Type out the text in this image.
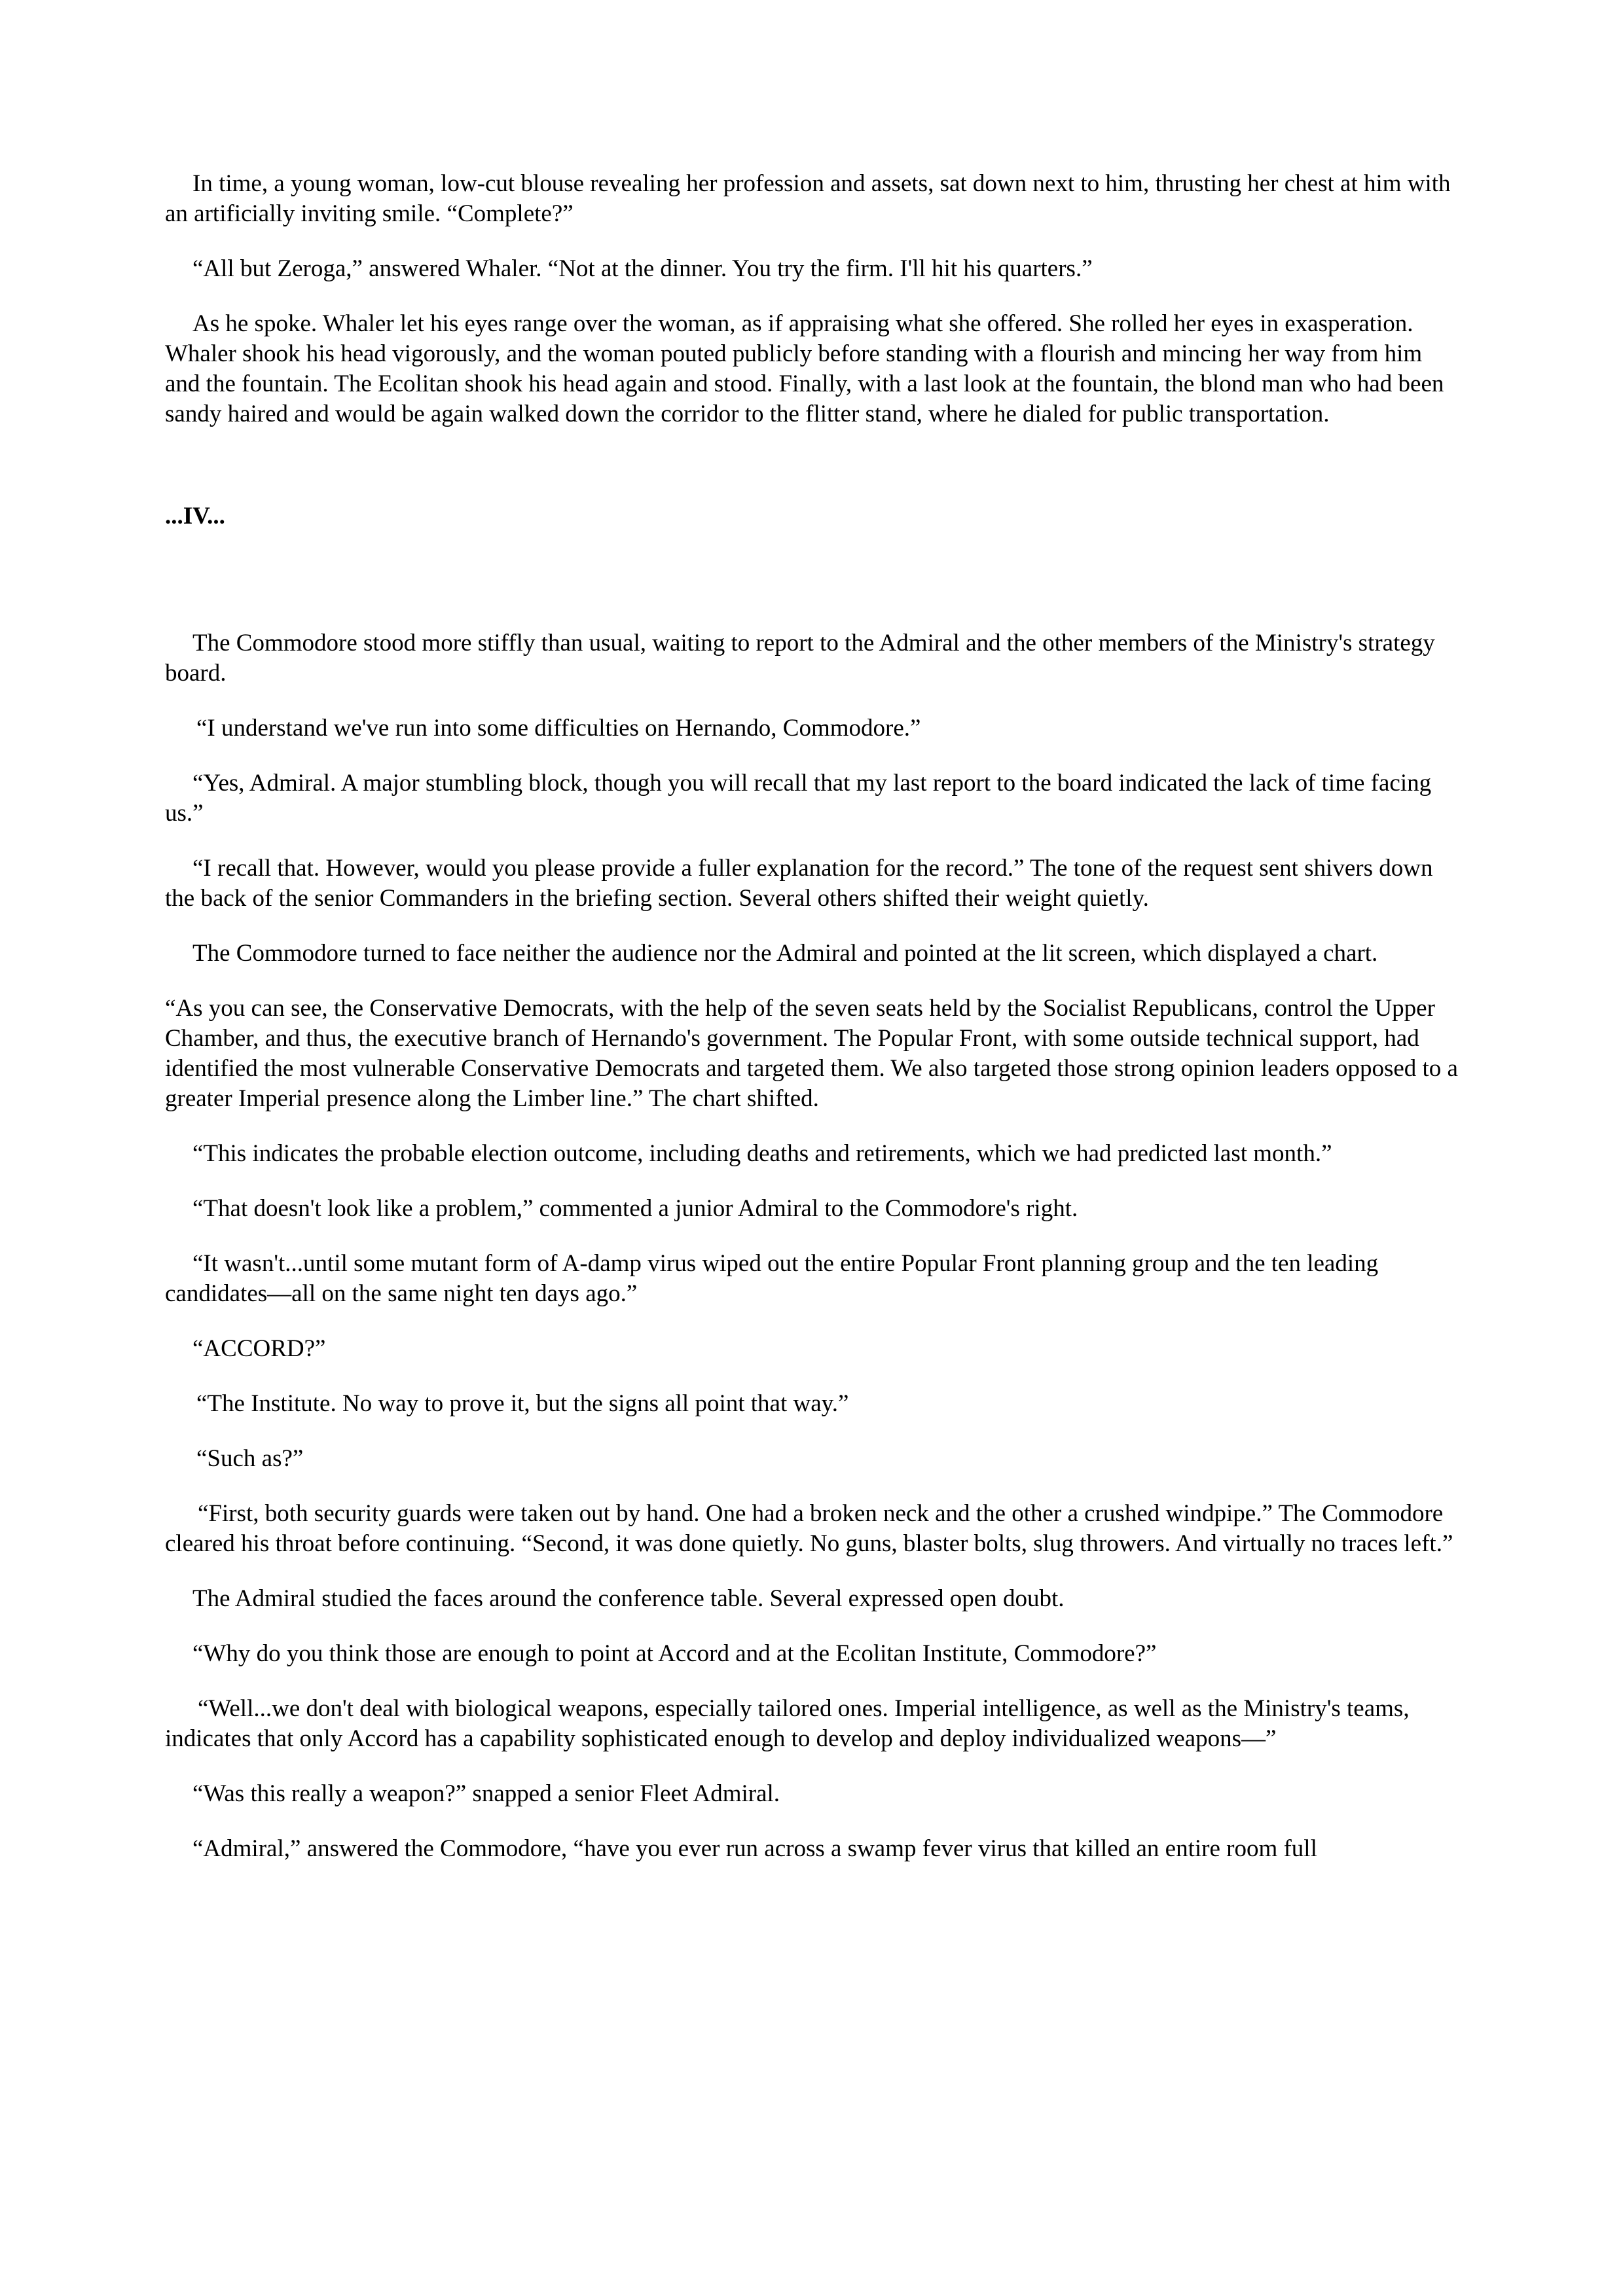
In time, a young woman, low-cut blouse revealing her profession and assets, sat down next to him, thrusting her chest at him with an artificially inviting smile. “Complete?”

“All but Zeroga,” answered Whaler. “Not at the dinner. You try the firm. I'll hit his quarters.”

As he spoke. Whaler let his eyes range over the woman, as if appraising what she offered. She rolled her eyes in exasperation. Whaler shook his head vigorously, and the woman pouted publicly before standing with a flourish and mincing her way from him and the fountain. The Ecolitan shook his head again and stood. Finally, with a last look at the fountain, the blond man who had been sandy haired and would be again walked down the corridor to the flitter stand, where he dialed for public transportation.

...IV...

The Commodore stood more stiffly than usual, waiting to report to the Admiral and the other members of the Ministry's strategy board.

“I understand we've run into some difficulties on Hernando, Commodore.”

“Yes, Admiral. A major stumbling block, though you will recall that my last report to the board indicated the lack of time facing us.”

“I recall that. However, would you please provide a fuller explanation for the record.” The tone of the request sent shivers down the back of the senior Commanders in the briefing section. Several others shifted their weight quietly.

The Commodore turned to face neither the audience nor the Admiral and pointed at the lit screen, which displayed a chart.

“As you can see, the Conservative Democrats, with the help of the seven seats held by the Socialist Republicans, control the Upper Chamber, and thus, the executive branch of Hernando's government. The Popular Front, with some outside technical support, had identified the most vulnerable Conservative Democrats and targeted them. We also targeted those strong opinion leaders opposed to a greater Imperial presence along the Limber line.” The chart shifted.

“This indicates the probable election outcome, including deaths and retirements, which we had predicted last month.”

“That doesn't look like a problem,” commented a junior Admiral to the Commodore's right.

“It wasn't...until some mutant form of A-damp virus wiped out the entire Popular Front planning group and the ten leading candidates—all on the same night ten days ago.”

“ACCORD?”

“The Institute. No way to prove it, but the signs all point that way.”

“Such as?”

“First, both security guards were taken out by hand. One had a broken neck and the other a crushed windpipe.” The Commodore cleared his throat before continuing. “Second, it was done quietly. No guns, blaster bolts, slug throwers. And virtually no traces left.”

The Admiral studied the faces around the conference table. Several expressed open doubt.

“Why do you think those are enough to point at Accord and at the Ecolitan Institute, Commodore?”

“Well...we don't deal with biological weapons, especially tailored ones. Imperial intelligence, as well as the Ministry's teams, indicates that only Accord has a capability sophisticated enough to develop and deploy individualized weapons—”

“Was this really a weapon?” snapped a senior Fleet Admiral.

“Admiral,” answered the Commodore, “have you ever run across a swamp fever virus that killed an entire room full
